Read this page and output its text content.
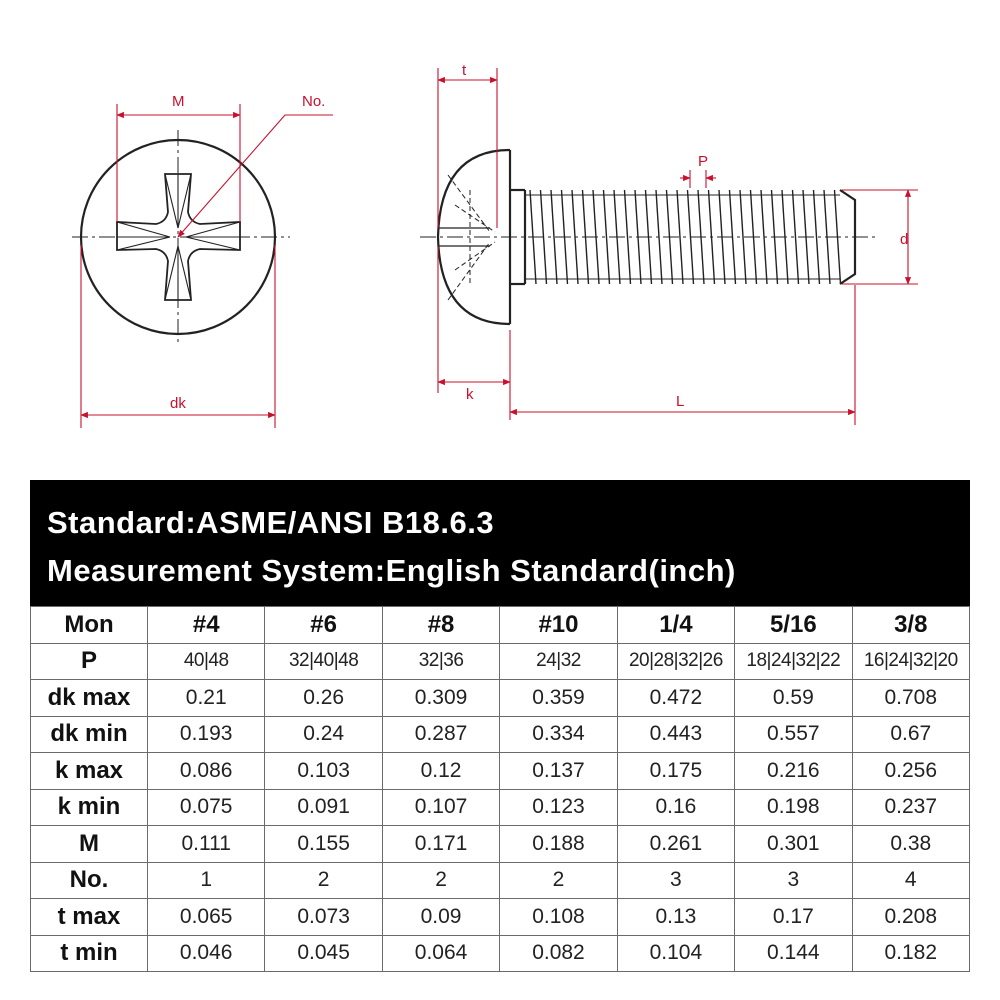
M	No.
dk
t
k
P
d
L
Standard:ASME/ANSI B18.6.3
Measurement System:English Standard(inch)
Mon	#4	#6	#8	#10	1/4	5/16	3/8
P	40|48	32|40|48	32|36	24|32	20|28|32|26	18|24|32|22	16|24|32|20
dk max	0.21	0.26	0.309	0.359	0.472	0.59	0.708
dk min	0.193	0.24	0.287	0.334	0.443	0.557	0.67
k max	0.086	0.103	0.12	0.137	0.175	0.216	0.256
k min	0.075	0.091	0.107	0.123	0.16	0.198	0.237
M	0.111	0.155	0.171	0.188	0.261	0.301	0.38
No.	1	2	2	2	3	3	4
t max	0.065	0.073	0.09	0.108	0.13	0.17	0.208
t min	0.046	0.045	0.064	0.082	0.104	0.144	0.182
